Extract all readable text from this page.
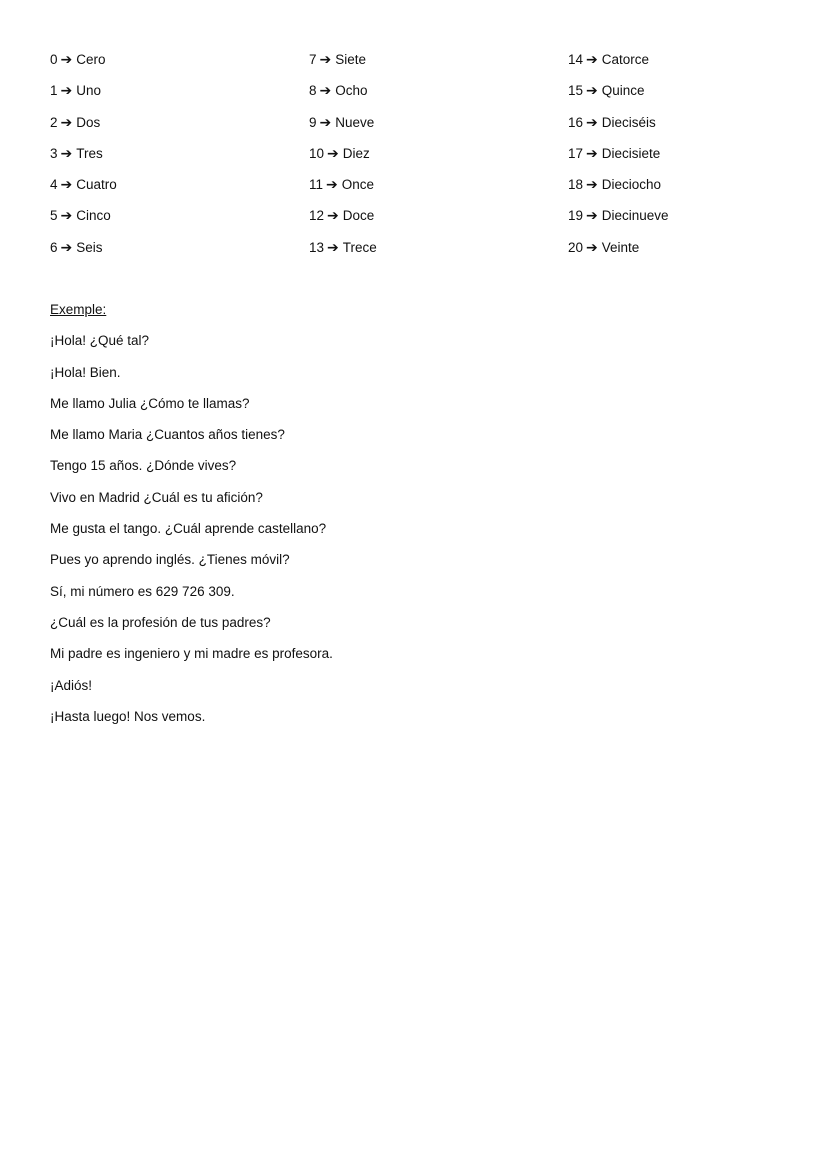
0 ➔ Cero
1 ➔ Uno
2 ➔ Dos
3 ➔ Tres
4 ➔ Cuatro
5 ➔ Cinco
6 ➔ Seis
7 ➔ Siete
8 ➔ Ocho
9 ➔ Nueve
10 ➔ Diez
11 ➔ Once
12 ➔ Doce
13 ➔ Trece
14 ➔ Catorce
15 ➔ Quince
16 ➔ Dieciséis
17 ➔ Diecisiete
18 ➔ Dieciocho
19 ➔ Diecinueve
20 ➔ Veinte
Exemple:
¡Hola! ¿Qué tal?
¡Hola! Bien.
Me llamo Julia ¿Cómo te llamas?
Me llamo Maria ¿Cuantos años tienes?
Tengo 15 años. ¿Dónde vives?
Vivo en Madrid ¿Cuál es tu afición?
Me gusta el tango. ¿Cuál aprende castellano?
Pues yo aprendo inglés. ¿Tienes móvil?
Sí, mi número es 629 726 309.
¿Cuál es la profesión de tus padres?
Mi padre es ingeniero y mi madre es profesora.
¡Adiós!
¡Hasta luego! Nos vemos.
